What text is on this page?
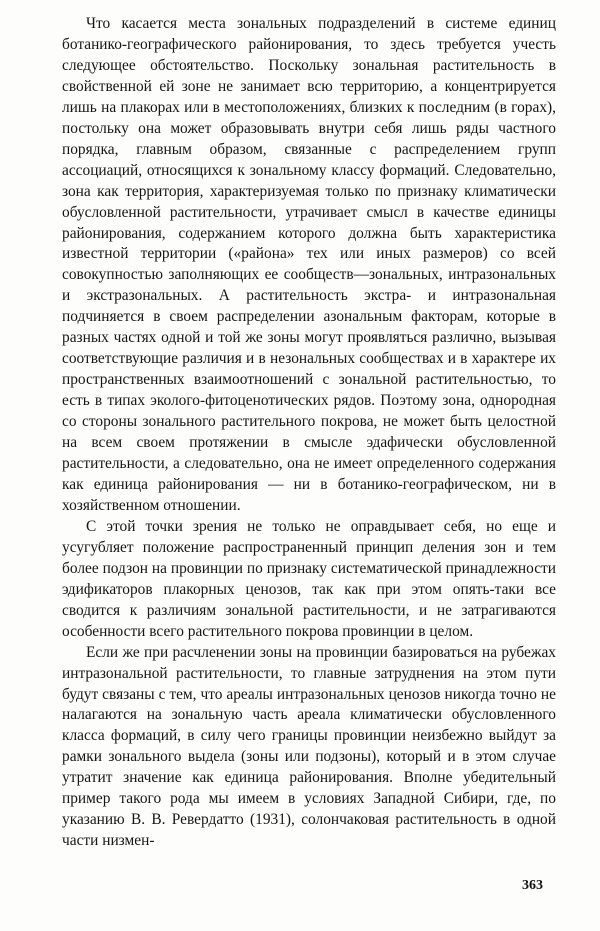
Что касается места зональных подразделений в системе единиц ботанико-географического районирования, то здесь требуется учесть следующее обстоятельство. Поскольку зональная растительность в свойственной ей зоне не занимает всю территорию, а концентрируется лишь на плакорах или в местоположениях, близких к последним (в горах), постольку она может образовывать внутри себя лишь ряды частного порядка, главным образом, связанные с распределением групп ассоциаций, относящихся к зональному классу формаций. Следовательно, зона как территория, характеризуемая только по признаку климатически обусловленной растительности, утрачивает смысл в качестве единицы районирования, содержанием которого должна быть характеристика известной территории («района» тех или иных размеров) со всей совокупностью заполняющих ее сообществ—зональных, интразональных и экстразональных. А растительность экстра- и интразональная подчиняется в своем распределении азональным факторам, которые в разных частях одной и той же зоны могут проявляться различно, вызывая соответствующие различия и в незональных сообществах и в характере их пространственных взаимоотношений с зональной растительностью, то есть в типах эколого-фитоценотических рядов. Поэтому зона, однородная со стороны зонального растительного покрова, не может быть целостной на всем своем протяжении в смысле эдафически обусловленной растительности, а следовательно, она не имеет определенного содержания как единица районирования — ни в ботанико-географическом, ни в хозяйственном отношении.

С этой точки зрения не только не оправдывает себя, но еще и усугубляет положение распространенный принцип деления зон и тем более подзон на провинции по признаку систематической принадлежности эдификаторов плакорных ценозов, так как при этом опять-таки все сводится к различиям зональной растительности, и не затрагиваются особенности всего растительного покрова провинции в целом.

Если же при расчленении зоны на провинции базироваться на рубежах интразональной растительности, то главные затруднения на этом пути будут связаны с тем, что ареалы интразональных ценозов никогда точно не налагаются на зональную часть ареала климатически обусловленного класса формаций, в силу чего границы провинции неизбежно выйдут за рамки зонального выдела (зоны или подзоны), который и в этом случае утратит значение как единица районирования. Вполне убедительный пример такого рода мы имеем в условиях Западной Сибири, где, по указанию В. В. Ревердатто (1931), солончаковая растительность в одной части низмен-

363
